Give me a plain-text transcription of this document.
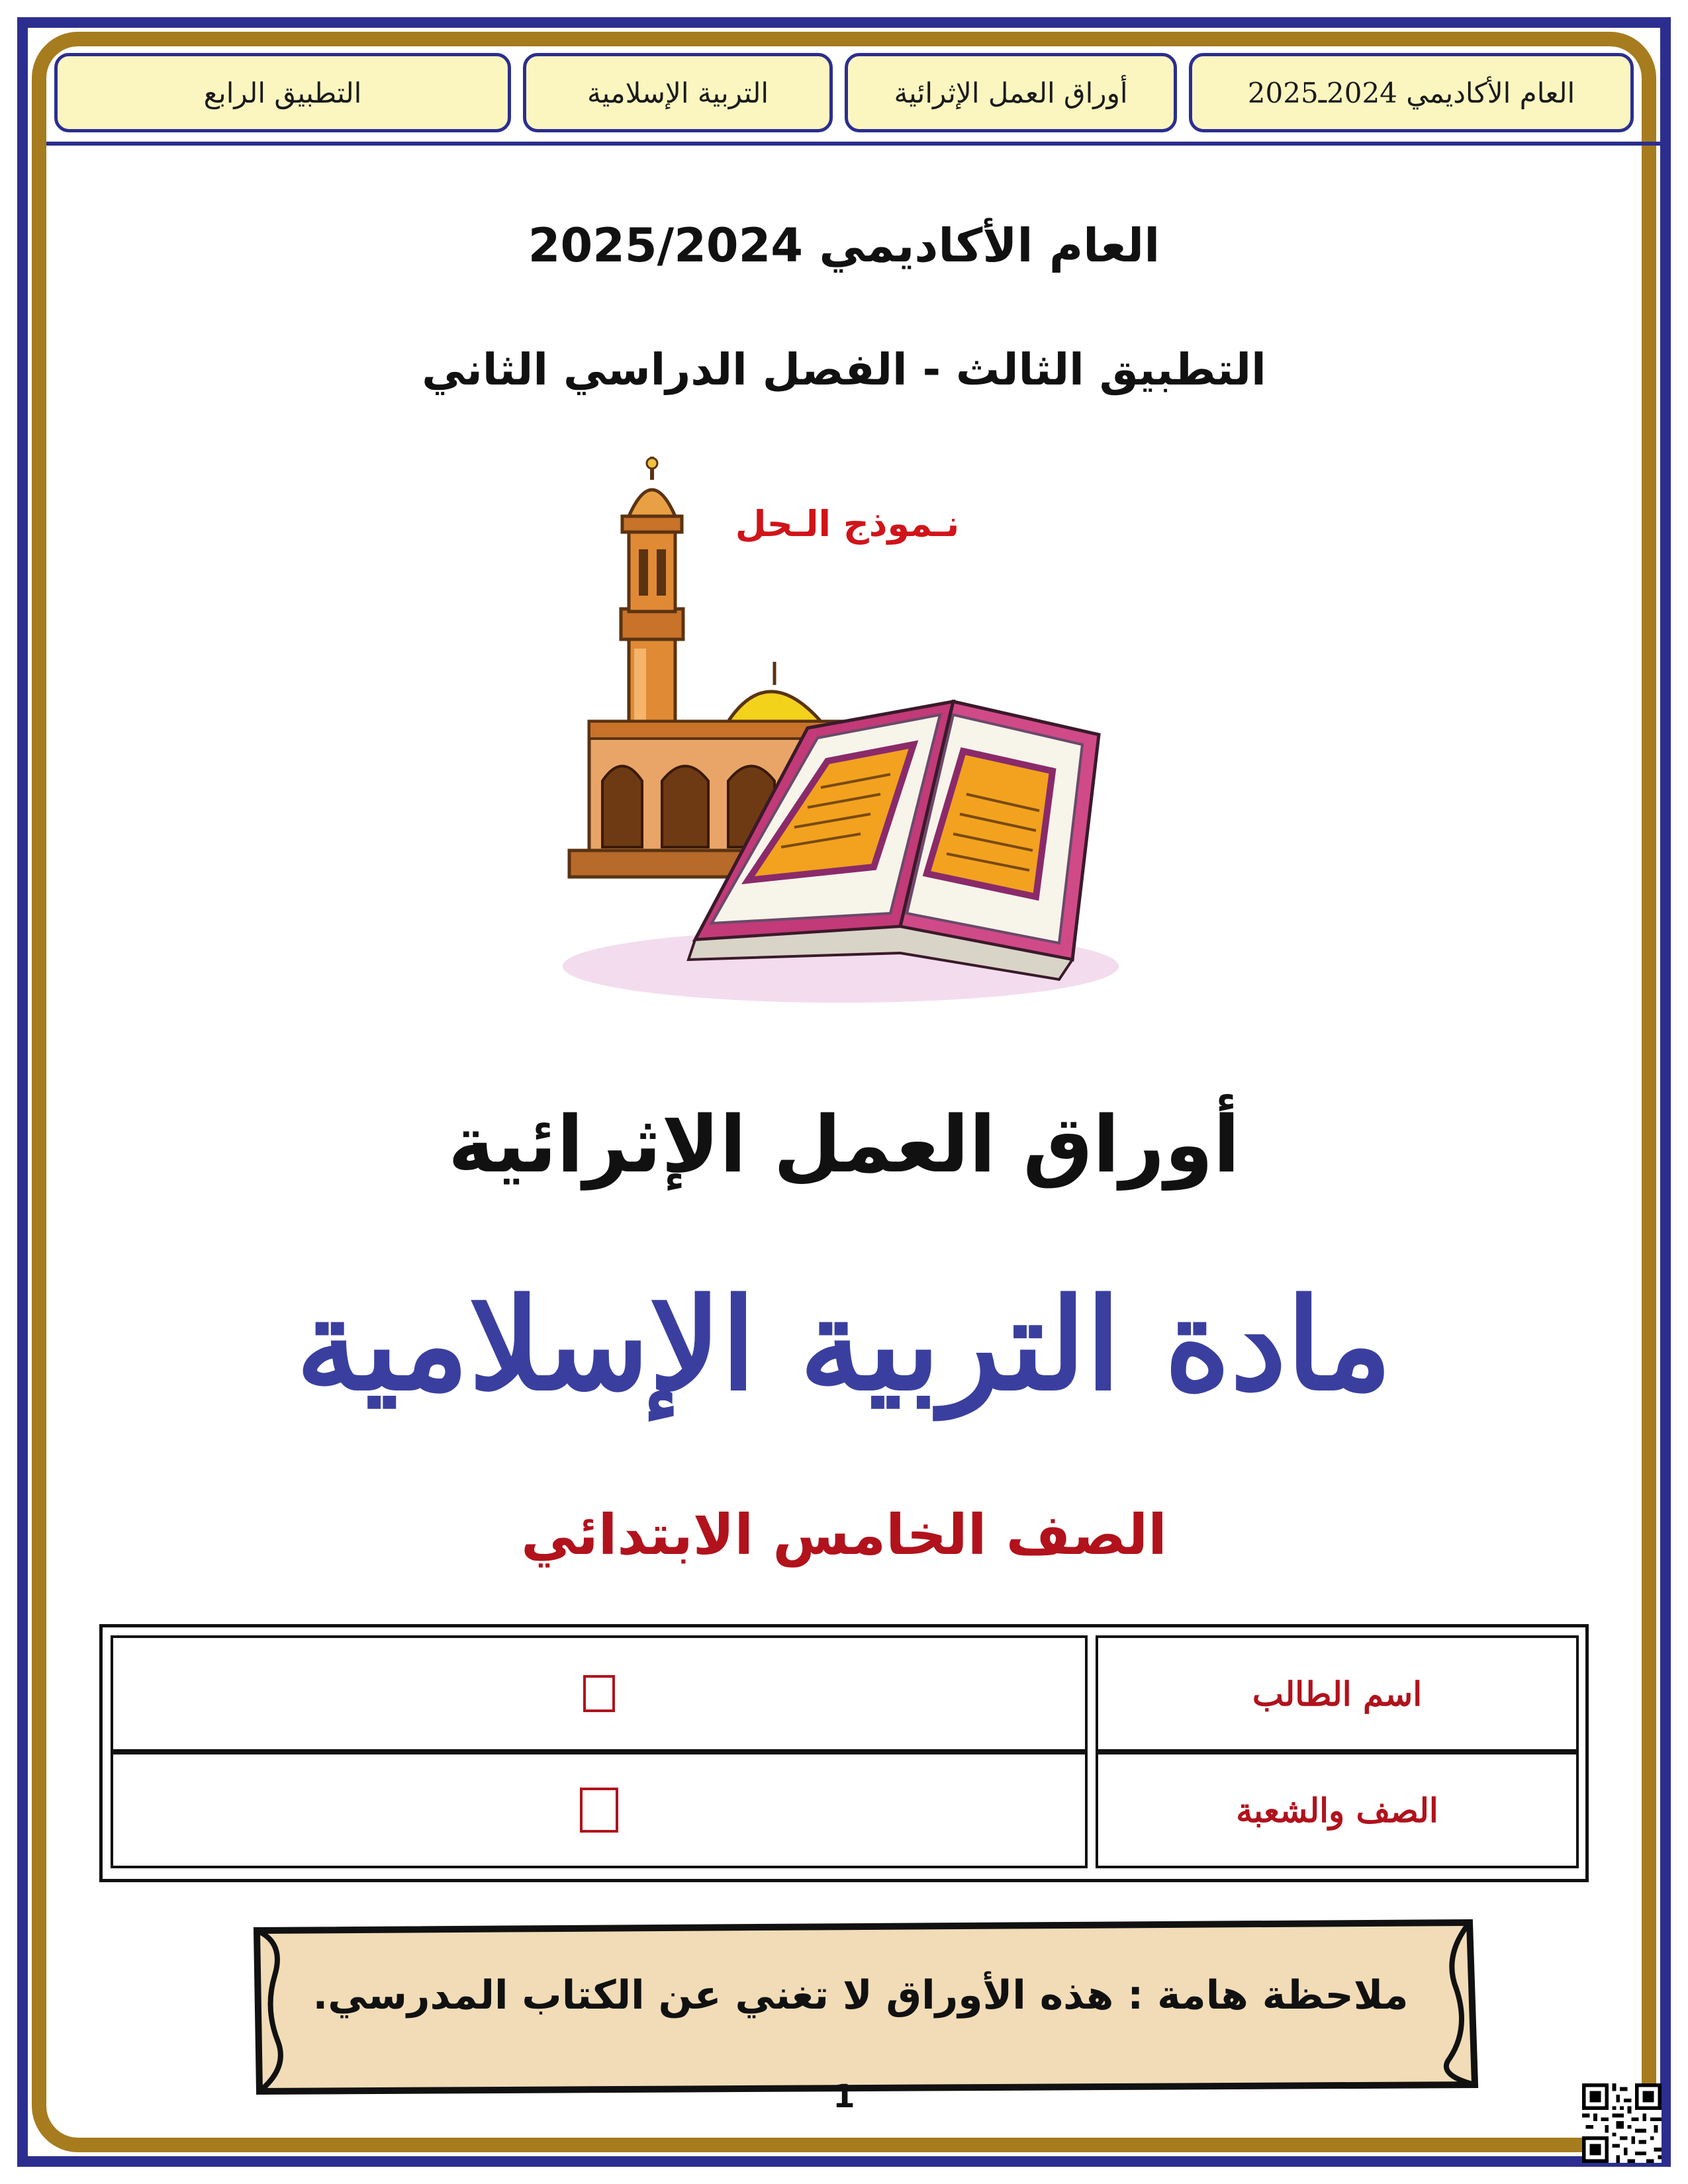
العام الأكاديمي 2024ـ2025
أوراق العمل الإثرائية
التربية الإسلامية
التطبيق الرابع
العام الأكاديمي 2025/2024
التطبيق الثالث - الفصل الدراسي الثاني
نـموذج الـحل
أوراق العمل الإثرائية
مادة التربية الإسلامية
الصف الخامس الابتدائي
اسم الطالب
الصف والشعبة
ملاحظة هامة : هذه الأوراق لا تغني عن الكتاب المدرسي.
1
